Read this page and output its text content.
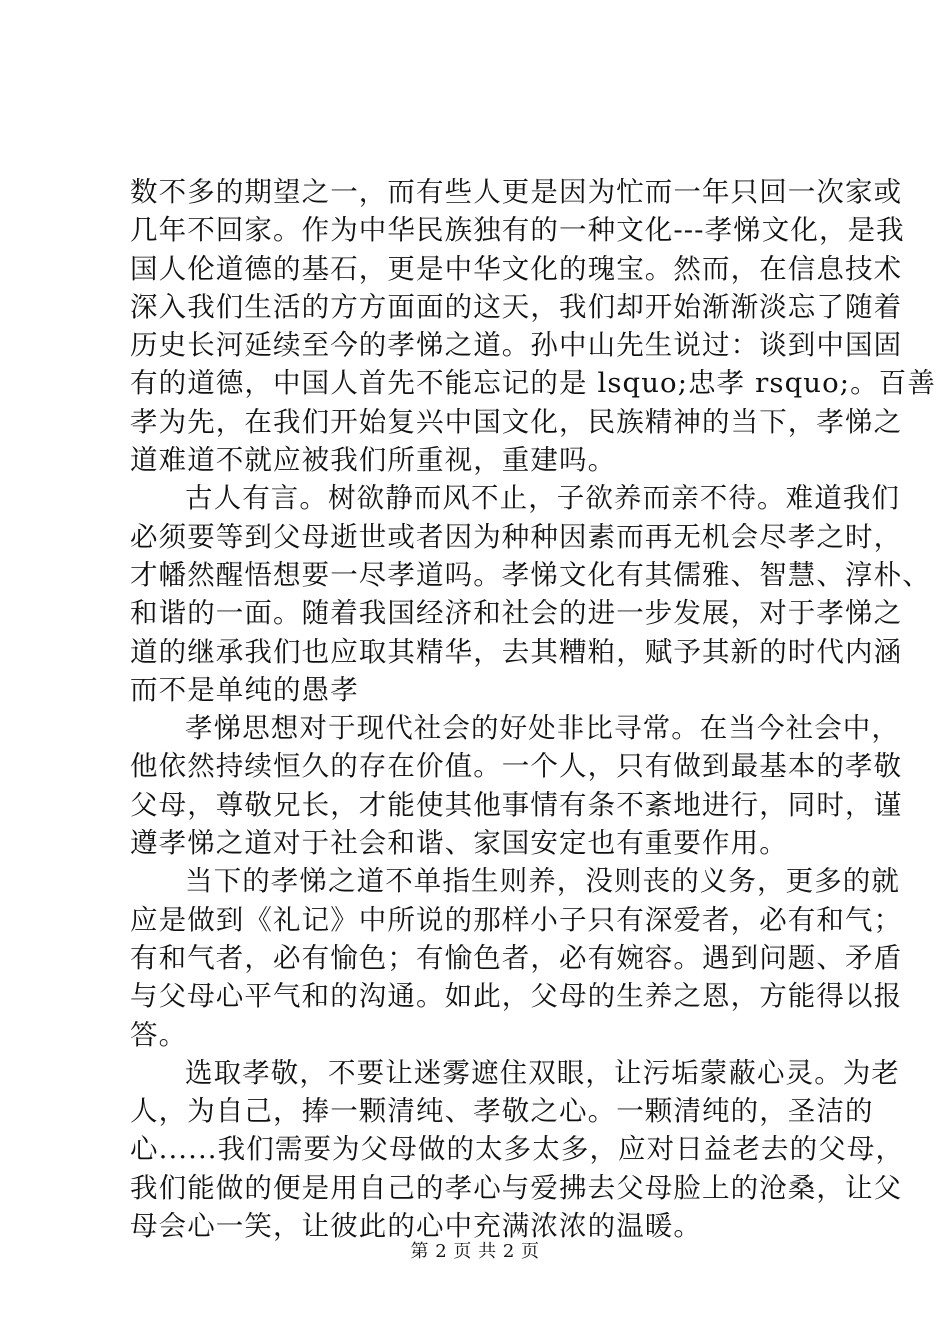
数不多的期望之一，而有些人更是因为忙而一年只回一次家或
几年不回家。作为中华民族独有的一种文化---孝悌文化，是我
国人伦道德的基石，更是中华文化的瑰宝。然而，在信息技术
深入我们生活的方方面面的这天，我们却开始渐渐淡忘了随着
历史长河延续至今的孝悌之道。孙中山先生说过：谈到中国固
有的道德，中国人首先不能忘记的是 lsquo;忠孝 rsquo;。百善
孝为先，在我们开始复兴中国文化，民族精神的当下，孝悌之
道难道不就应被我们所重视，重建吗。
古人有言。树欲静而风不止，子欲养而亲不待。难道我们
必须要等到父母逝世或者因为种种因素而再无机会尽孝之时，
才幡然醒悟想要一尽孝道吗。孝悌文化有其儒雅、智慧、淳朴、
和谐的一面。随着我国经济和社会的进一步发展，对于孝悌之
道的继承我们也应取其精华，去其糟粕，赋予其新的时代内涵
而不是单纯的愚孝
孝悌思想对于现代社会的好处非比寻常。在当今社会中，
他依然持续恒久的存在价值。一个人，只有做到最基本的孝敬
父母，尊敬兄长，才能使其他事情有条不紊地进行，同时，谨
遵孝悌之道对于社会和谐、家国安定也有重要作用。
当下的孝悌之道不单指生则养，没则丧的义务，更多的就
应是做到《礼记》中所说的那样小子只有深爱者，必有和气；
有和气者，必有愉色；有愉色者，必有婉容。遇到问题、矛盾
与父母心平气和的沟通。如此，父母的生养之恩，方能得以报
答。
选取孝敬，不要让迷雾遮住双眼，让污垢蒙蔽心灵。为老
人，为自己，捧一颗清纯、孝敬之心。一颗清纯的，圣洁的
心......我们需要为父母做的太多太多，应对日益老去的父母，
我们能做的便是用自己的孝心与爱拂去父母脸上的沧桑，让父
母会心一笑，让彼此的心中充满浓浓的温暖。
第 2 页 共 2 页
